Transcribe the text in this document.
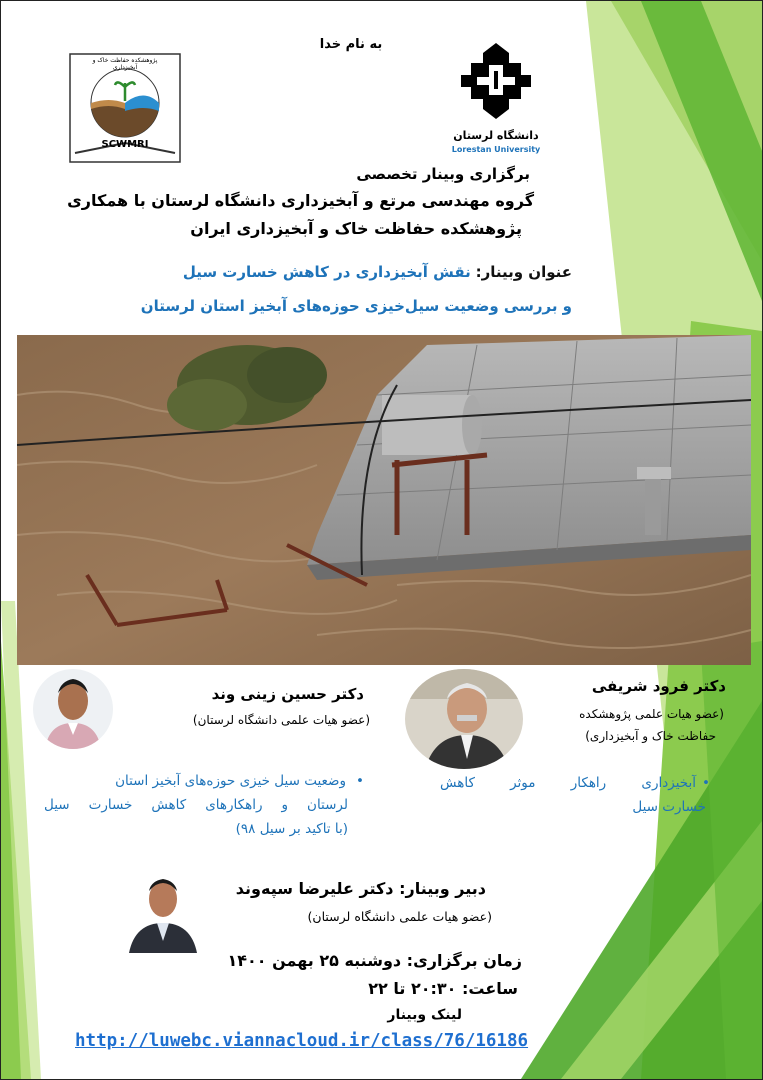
به نام خدا
SCWMRI
پژوهشکده حفاظت خاک و آبخیزداری
دانشگاه لرستان
Lorestan University
برگزاری وبینار تخصصی
گروه مهندسی مرتع و آبخیزداری دانشگاه لرستان با همکاری
پژوهشکده حفاظت خاک و آبخیزداری ایران
عنوان وبینار: نقش آبخیزداری در کاهش خسارت سیل
و بررسی وضعیت سیل‌خیزی حوزه‌های آبخیز استان لرستان
دکتر فرود شریفی
(عضو هیات علمی پژوهشکده
حفاظت خاک و آبخیزداری)
•آبخیزداری راهکار موثر کاهش
خسارت سیل
دکتر حسین زینی وند
(عضو هیات علمی دانشگاه لرستان)
•وضعیت سیل خیزی حوزه‌های آبخیز استان
لرستان و راهکارهای کاهش خسارت سیل
(با تاکید بر سیل ۹۸)
دبیر وبینار: دکتر علیرضا سپه‌وند
(عضو هیات علمی دانشگاه لرستان)
زمان برگزاری: دوشنبه ۲۵ بهمن ۱۴۰۰
ساعت: ۲۰:۳۰ تا ۲۲
لینک وبینار
http://luwebc.viannacloud.ir/class/76/16186
